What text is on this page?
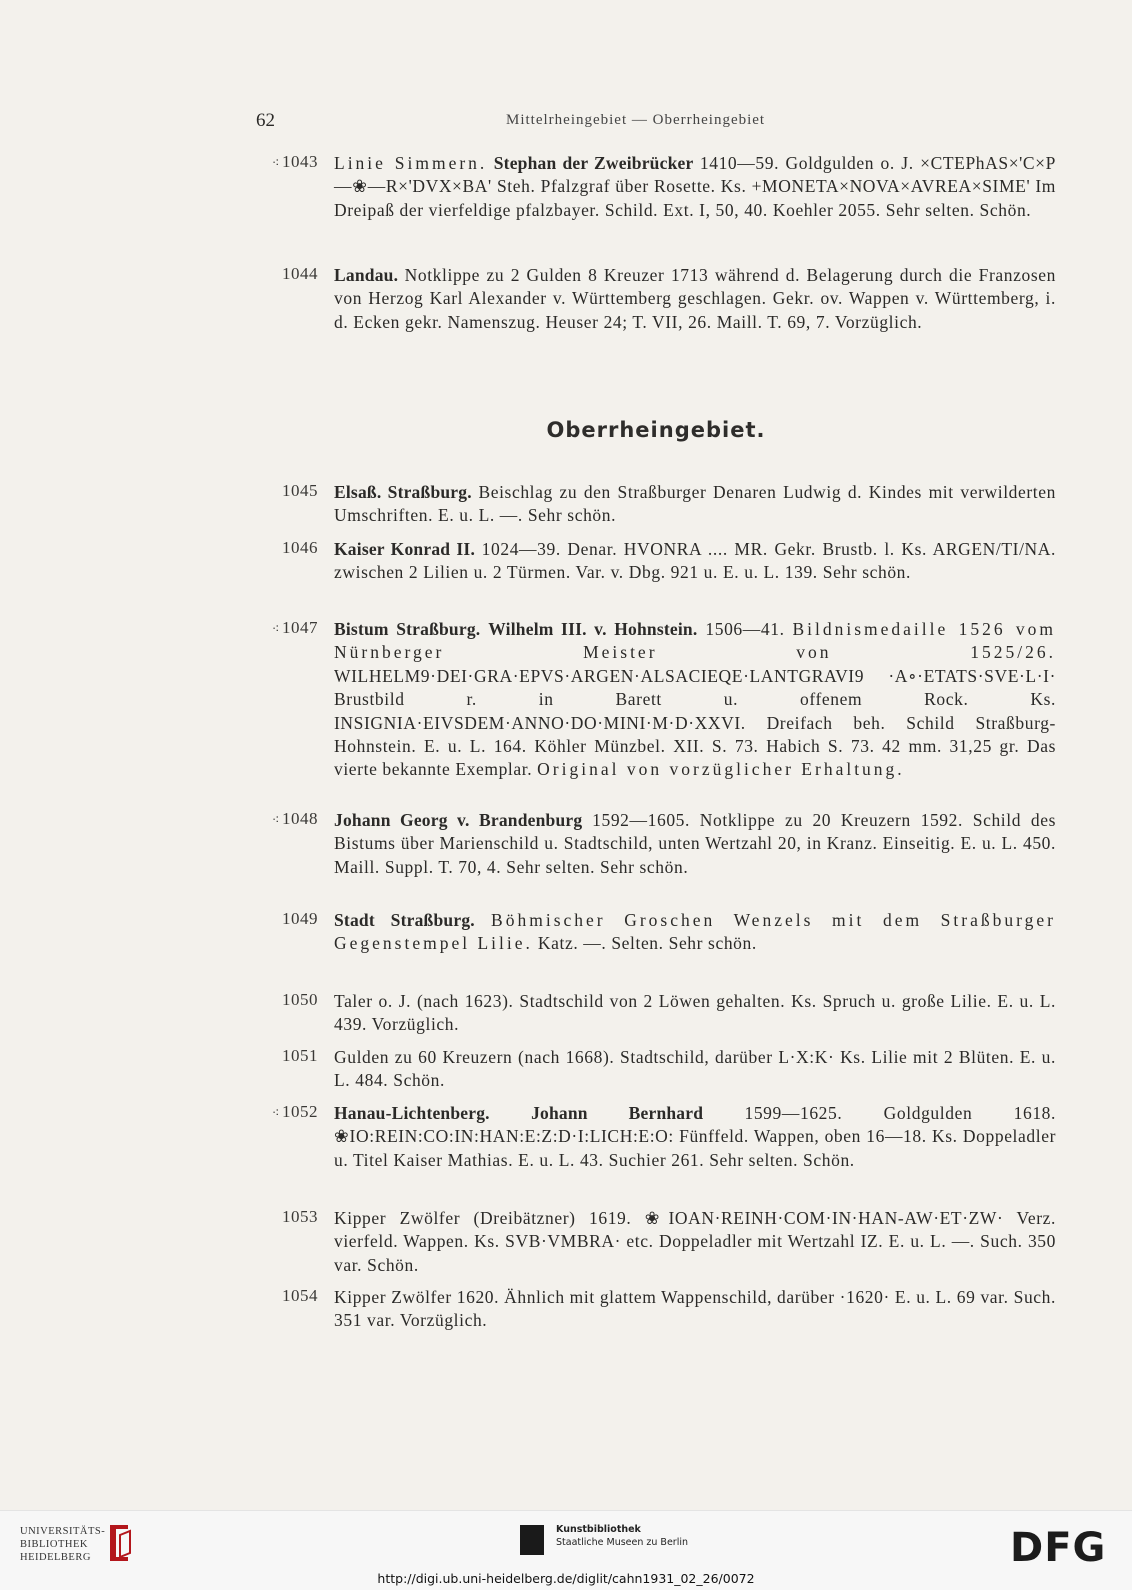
62	Mittelrheingebiet — Oberrheingebiet
Oberrheingebiet.
⁖ 1043 Linie Simmern. Stephan der Zweibrücker 1410—59. Goldgulden o. J. ×CTEPhAS×'C×P—❀—R×'DVX×BA' Steh. Pfalzgraf über Rosette. Ks. +MONETA×NOVA×AVREA×SIME' Im Dreipaß der vierfeldige pfalzbayer. Schild. Ext. I, 50, 40. Koehler 2055. Sehr selten. Schön.
1044 Landau. Notklippe zu 2 Gulden 8 Kreuzer 1713 während d. Belagerung durch die Franzosen von Herzog Karl Alexander v. Württemberg geschlagen. Gekr. ov. Wappen v. Württemberg, i. d. Ecken gekr. Namenszug. Heuser 24; T. VII, 26. Maill. T. 69, 7. Vorzüglich.
1045 Elsaß. Straßburg. Beischlag zu den Straßburger Denaren Ludwig d. Kindes mit verwilderten Umschriften. E. u. L. —. Sehr schön.
1046 Kaiser Konrad II. 1024—39. Denar. HVONRA .... MR. Gekr. Brustb. l. Ks. ARGEN/TI/NA. zwischen 2 Lilien u. 2 Türmen. Var. v. Dbg. 921 u. E. u. L. 139. Sehr schön.
⁖ 1047 Bistum Straßburg. Wilhelm III. v. Hohnstein. 1506—41. Bildnismedaille 1526 vom Nürnberger Meister von 1525/26. WILHELM9·DEI·GRA·EPVS·ARGEN·ALSACIEQE·LANTGRAVI9 ·A∘·ETATS·SVE·L·I· Brustbild r. in Barett u. offenem Rock. Ks. INSIGNIA·EIVSDEM·ANNO·DO·MINI·M·D·XXVI. Dreifach beh. Schild Straßburg-Hohnstein. E. u. L. 164. Köhler Münzbel. XII. S. 73. Habich S. 73. 42 mm. 31,25 gr. Das vierte bekannte Exemplar. Original von vorzüglicher Erhaltung.
⁖ 1048 Johann Georg v. Brandenburg 1592—1605. Notklippe zu 20 Kreuzern 1592. Schild des Bistums über Marienschild u. Stadtschild, unten Wertzahl 20, in Kranz. Einseitig. E. u. L. 450. Maill. Suppl. T. 70, 4. Sehr selten. Sehr schön.
1049 Stadt Straßburg. Böhmischer Groschen Wenzels mit dem Straßburger Gegenstempel Lilie. Katz. —. Selten. Sehr schön.
1050 Taler o. J. (nach 1623). Stadtschild von 2 Löwen gehalten. Ks. Spruch u. große Lilie. E. u. L. 439. Vorzüglich.
1051 Gulden zu 60 Kreuzern (nach 1668). Stadtschild, darüber L·X:K· Ks. Lilie mit 2 Blüten. E. u. L. 484. Schön.
⁖ 1052 Hanau-Lichtenberg. Johann Bernhard 1599—1625. Goldgulden 1618. ❀IO:REIN:CO:IN:HAN:E:Z:D·I:LICH:E:O: Fünffeld. Wappen, oben 16—18. Ks. Doppeladler u. Titel Kaiser Mathias. E. u. L. 43. Suchier 261. Sehr selten. Schön.
1053 Kipper Zwölfer (Dreibätzner) 1619. ❀IOAN·REINH·COM·IN·HAN-AW·ET·ZW· Verz. vierfeld. Wappen. Ks. SVB·VMBRA· etc. Doppeladler mit Wertzahl IZ. E. u. L. —. Such. 350 var. Schön.
1054 Kipper Zwölfer 1620. Ähnlich mit glattem Wappenschild, darüber ·1620· E. u. L. 69 var. Such. 351 var. Vorzüglich.
UNIVERSITÄTS-
BIBLIOTHEK
HEIDELBERG
Kunstbibliothek
Staatliche Museen zu Berlin	DFG
http://digi.ub.uni-heidelberg.de/diglit/cahn1931_02_26/0072
